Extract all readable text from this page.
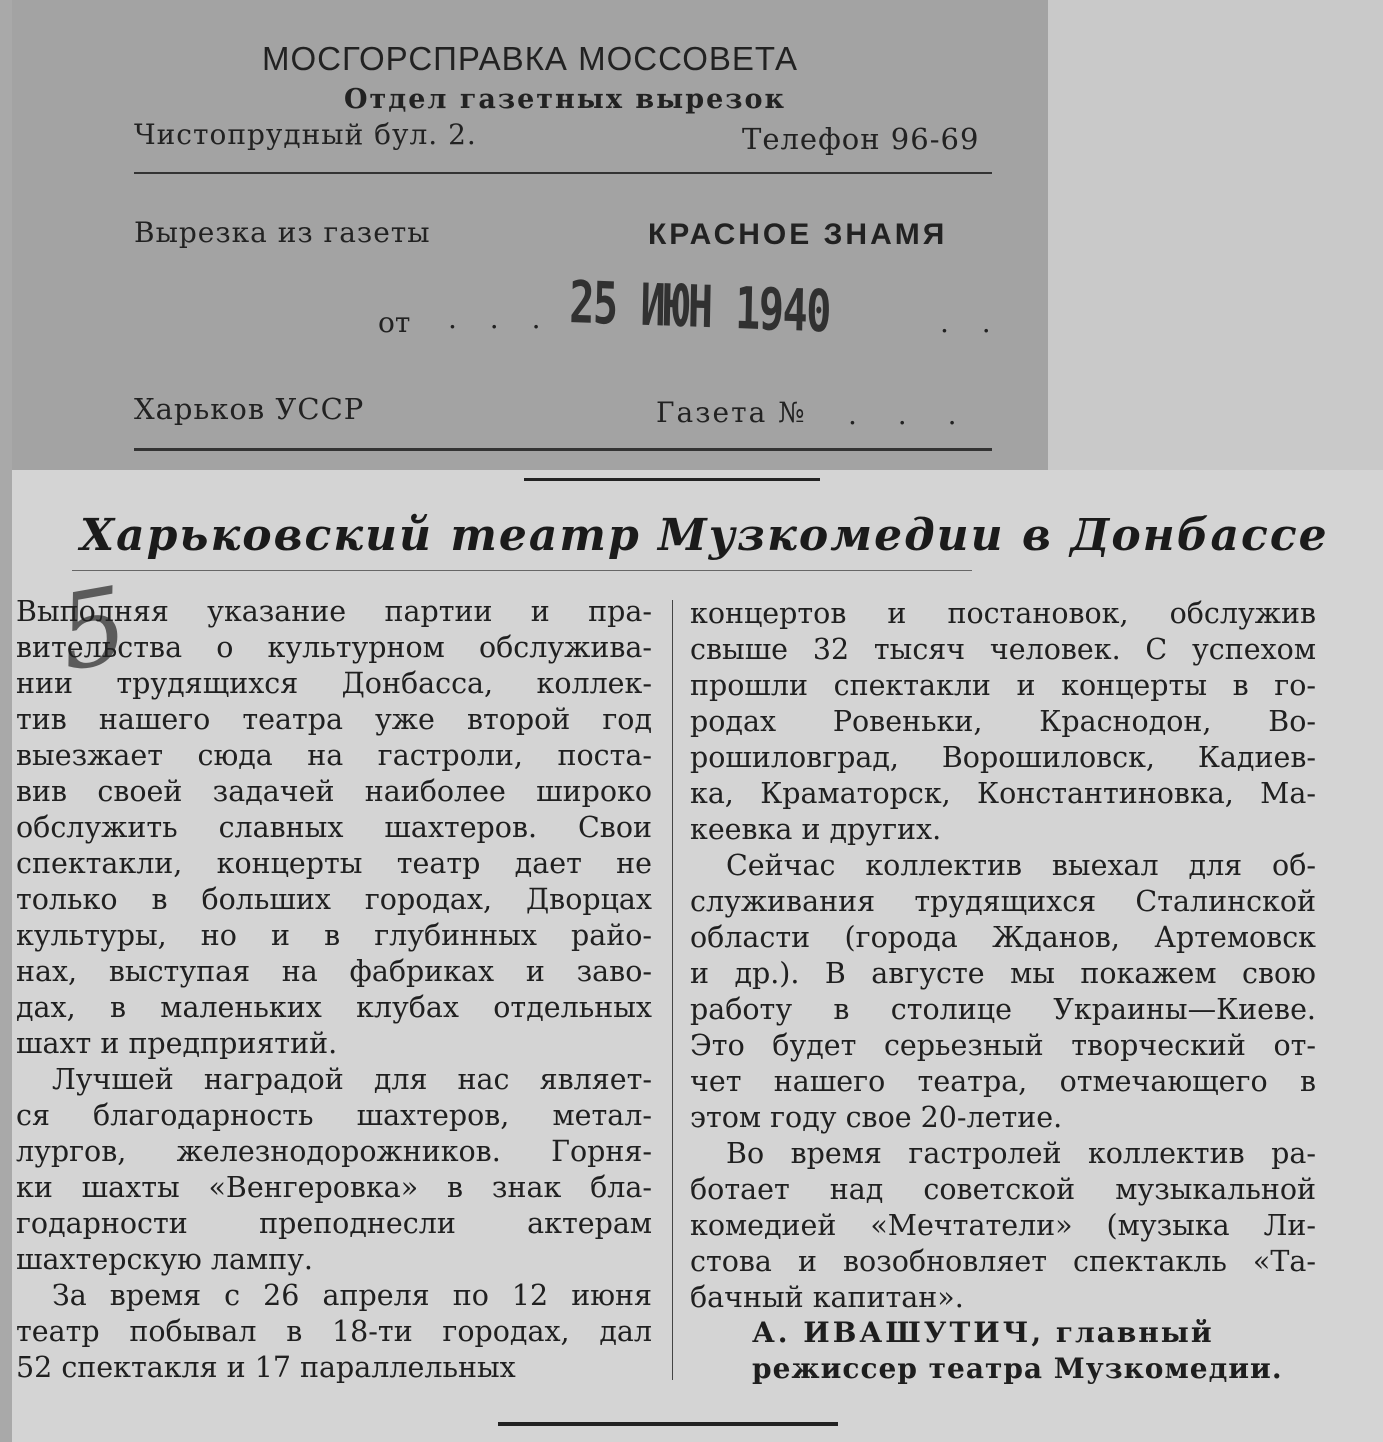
МОСГОРСПРАВКА МОССОВЕТА
Отдел газетных вырезок
Чистопрудный бул. 2.	Телефон 96-69
Вырезка из газеты	КРАСНОЕ ЗНАМЯ
от . . . 25 ИЮН 1940	. .
Харьков УССР	Газета № . . .
Харьковский театр Музкомедии в Донбассе
5
Выполняя указание партии и пра-
вительства о культурном обслужива-
нии трудящихся Донбасса, коллек-
тив нашего театра уже второй год
выезжает сюда на гастроли, поста-
вив своей задачей наиболее широко
обслужить славных шахтеров. Свои
спектакли, концерты театр дает не
только в больших городах, Дворцах
культуры, но и в глубинных райо-
нах, выступая на фабриках и заво-
дах, в маленьких клубах отдельных
шахт и предприятий.
Лучшей наградой для нас являет-
ся благодарность шахтеров, метал-
лургов, железнодорожников. Горня-
ки шахты «Венгеровка» в знак бла-
годарности преподнесли актерам
шахтерскую лампу.
За время с 26 апреля по 12 июня
театр побывал в 18-ти городах, дал
52 спектакля и 17 параллельных
концертов и постановок, обслужив
свыше 32 тысяч человек. С успехом
прошли спектакли и концерты в го-
родах Ровеньки, Краснодон, Во-
рошиловград, Ворошиловск, Кадиев-
ка, Краматорск, Константиновка, Ма-
кеевка и других.
Сейчас коллектив выехал для об-
служивания трудящихся Сталинской
области (города Жданов, Артемовск
и др.). В августе мы покажем свою
работу в столице Украины—Киеве.
Это будет серьезный творческий от-
чет нашего театра, отмечающего в
этом году свое 20-летие.
Во время гастролей коллектив ра-
ботает над советской музыкальной
комедией «Мечтатели» (музыка Ли-
стова и возобновляет спектакль «Та-
бачный капитан».
А. ИВАШУТИЧ, главный
режиссер театра Музкомедии.
